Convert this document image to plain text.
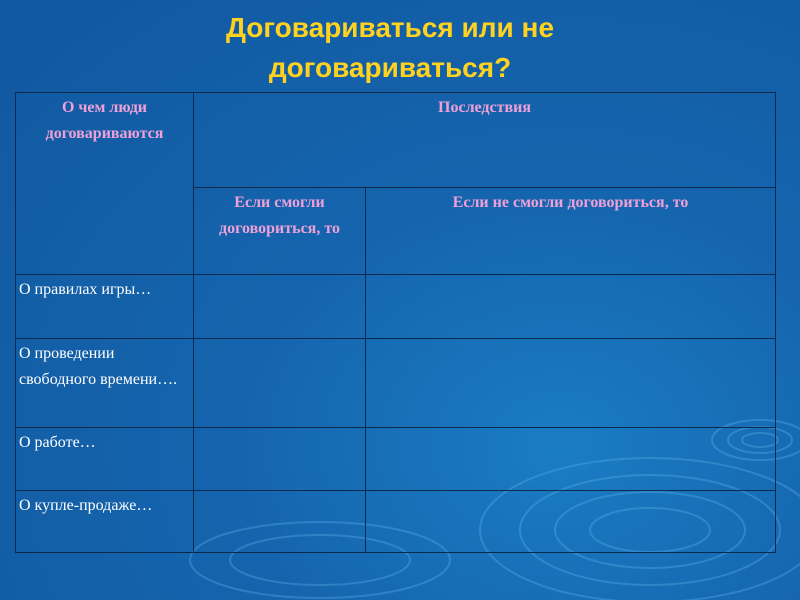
Договариваться или не
договариваться?
О чем люди договариваются	Последствия	
	Если смогли договориться, то	Если не смогли договориться, то
О правилах игры…		
О проведении свободного времени….		
О работе…		
О купле-продаже…		
